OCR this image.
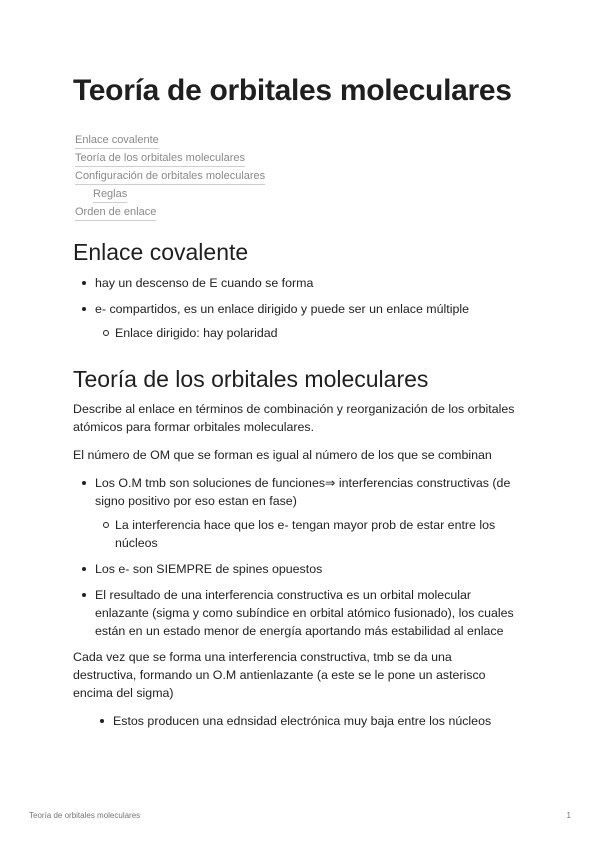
Teoría de orbitales moleculares
Enlace covalente
Teoría de los orbitales moleculares
Configuración de orbitales moleculares
Reglas
Orden de enlace
Enlace covalente
hay un descenso de E cuando se forma
e- compartidos, es un enlace dirigido y puede ser un enlace múltiple
Enlace dirigido: hay polaridad
Teoría de los orbitales moleculares

Describe al enlace en términos de combinación y reorganización de los orbitales atómicos para formar orbitales moleculares.

El número de OM que se forman es igual al número de los que se combinan

Los O.M tmb son soluciones de funciones⇒ interferencias constructivas (de signo positivo por eso estan en fase)
La interferencia hace que los e- tengan mayor prob de estar entre los núcleos
Los e- son SIEMPRE de spines opuestos
El resultado de una interferencia constructiva es un orbital molecular enlazante (sigma y como subíndice en orbital atómico fusionado), los cuales están en un estado menor de energía aportando más estabilidad al enlace

Cada vez que se forma una interferencia constructiva, tmb se da una destructiva, formando un O.M antienlazante (a este se le pone un asterisco encima del sigma)

Estos producen una ednsidad electrónica muy baja entre los núcleos
Teoría de orbitales moleculares	1
